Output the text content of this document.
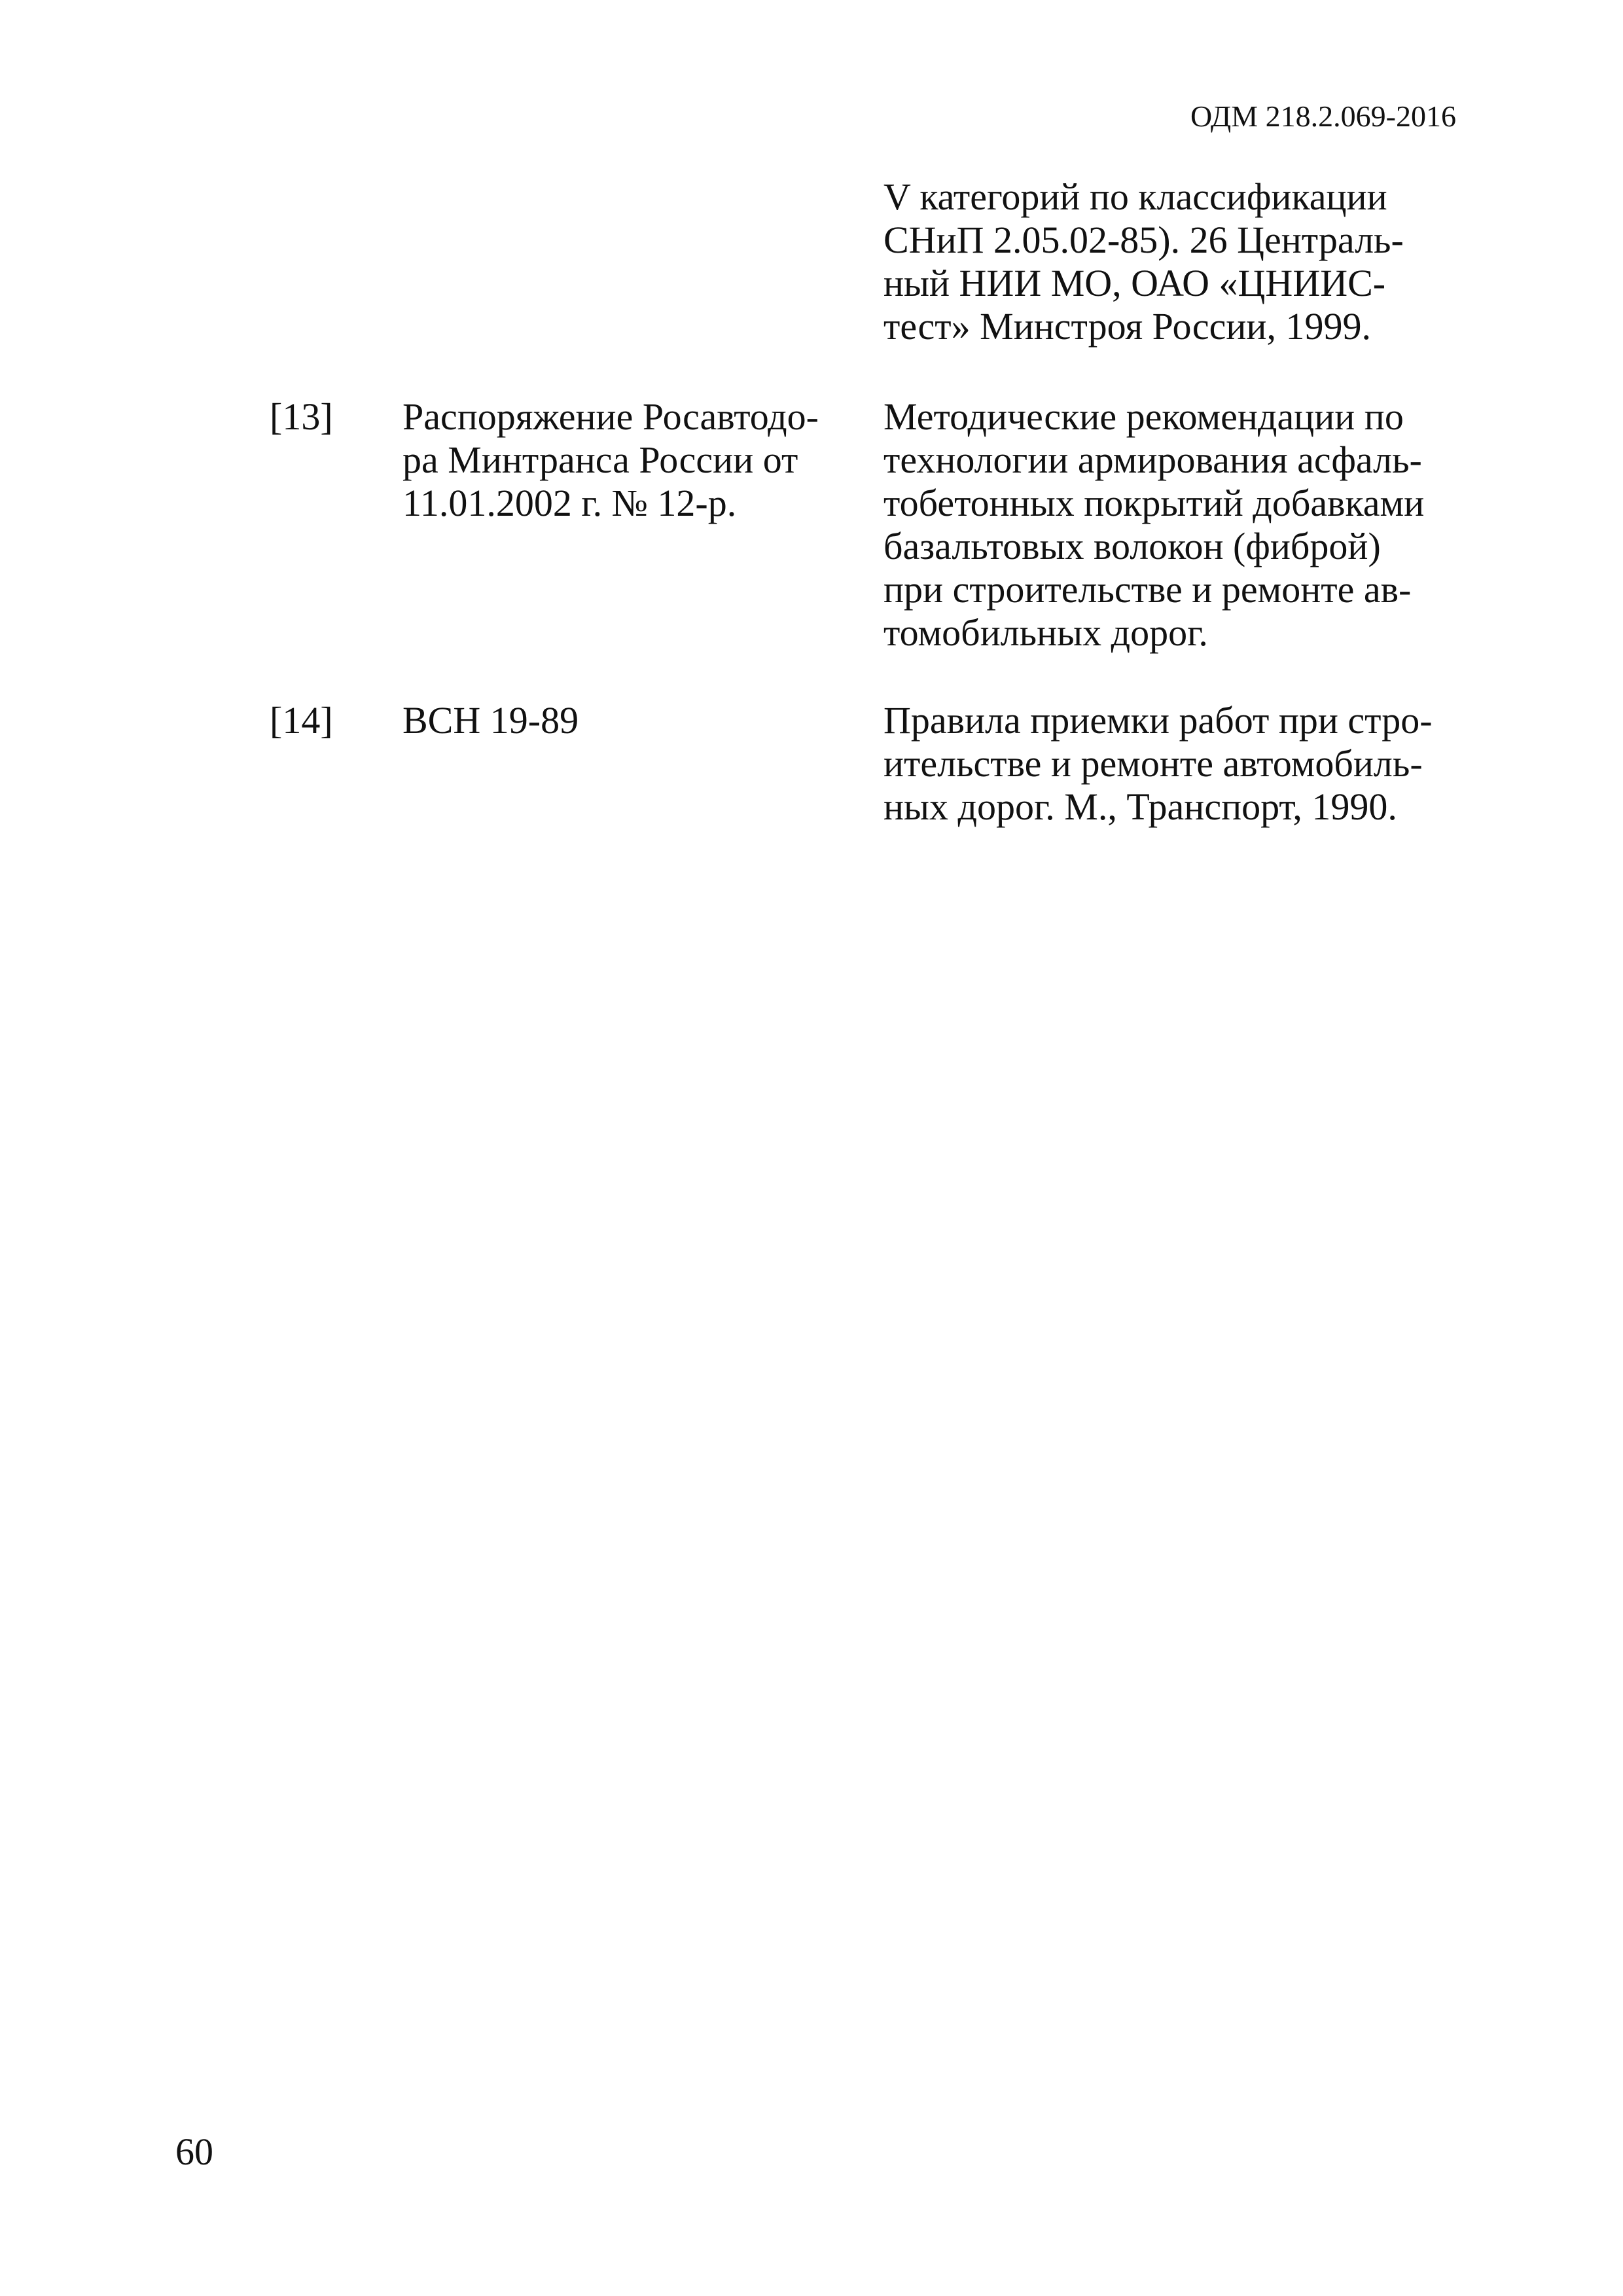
ОДМ 218.2.069-2016
V категорий по классификации
СНиП 2.05.02-85). 26 Централь-
ный НИИ МО, ОАО «ЦНИИС-
тест» Минстроя России, 1999.
[13] Распоряжение Росавтодо-
ра Минтранса России от
11.01.2002 г. № 12-р.
Методические рекомендации по
технологии армирования асфаль-
тобетонных покрытий добавками
базальтовых волокон (фиброй)
при строительстве и ремонте ав-
томобильных дорог.
[14] ВСН 19-89	Правила приемки работ при стро-
ительстве и ремонте автомобиль-
ных дорог. М., Транспорт, 1990.
60
